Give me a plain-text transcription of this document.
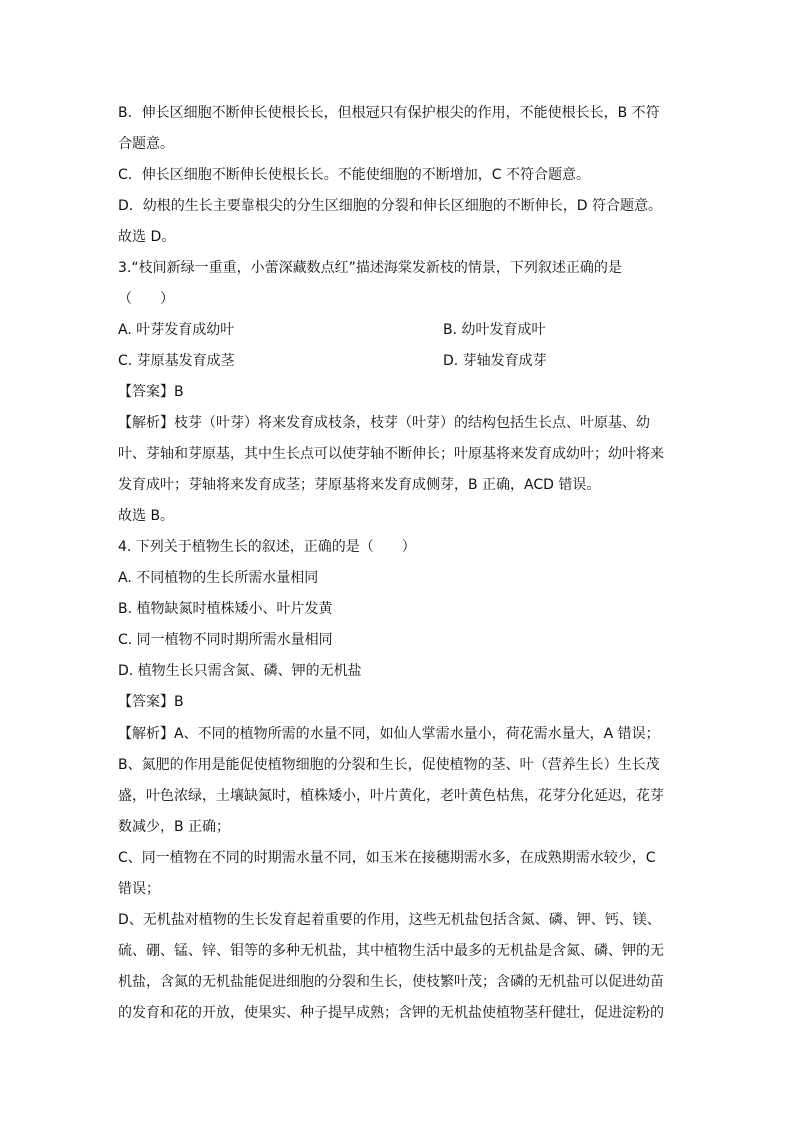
B．伸长区细胞不断伸长使根长长，但根冠只有保护根尖的作用，不能使根长长，B 不符
合题意。
C．伸长区细胞不断伸长使根长长。不能使细胞的不断增加，C 不符合题意。
D．幼根的生长主要靠根尖的分生区细胞的分裂和伸长区细胞的不断伸长，D 符合题意。
故选 D。
3.“枝间新绿一重重，小蕾深藏数点红”描述海棠发新枝的情景，下列叙述正确的是
（　　）
A. 叶芽发育成幼叶	B. 幼叶发育成叶
C. 芽原基发育成茎	D. 芽轴发育成芽
【答案】B
【解析】枝芽（叶芽）将来发育成枝条，枝芽（叶芽）的结构包括生长点、叶原基、幼
叶、芽轴和芽原基，其中生长点可以使芽轴不断伸长；叶原基将来发育成幼叶；幼叶将来
发育成叶；芽轴将来发育成茎；芽原基将来发育成侧芽，B 正确，ACD 错误。
故选 B。
4. 下列关于植物生长的叙述，正确的是（　　）
A. 不同植物的生长所需水量相同
B. 植物缺氮时植株矮小、叶片发黄
C. 同一植物不同时期所需水量相同
D. 植物生长只需含氮、磷、钾的无机盐
【答案】B
【解析】A、不同的植物所需的水量不同，如仙人掌需水量小，荷花需水量大，A 错误；
B、氮肥的作用是能促使植物细胞的分裂和生长，促使植物的茎、叶（营养生长）生长茂
盛，叶色浓绿，土壤缺氮时，植株矮小，叶片黄化，老叶黄色枯焦，花芽分化延迟，花芽
数减少，B 正确；
C、同一植物在不同的时期需水量不同，如玉米在接穗期需水多，在成熟期需水较少，C
错误；
D、无机盐对植物的生长发育起着重要的作用，这些无机盐包括含氮、磷、钾、钙、镁、
硫、硼、锰、锌、钼等的多种无机盐，其中植物生活中最多的无机盐是含氮、磷、钾的无
机盐，含氮的无机盐能促进细胞的分裂和生长，使枝繁叶茂；含磷的无机盐可以促进幼苗
的发育和花的开放，使果实、种子提早成熟；含钾的无机盐使植物茎秆健壮，促进淀粉的
